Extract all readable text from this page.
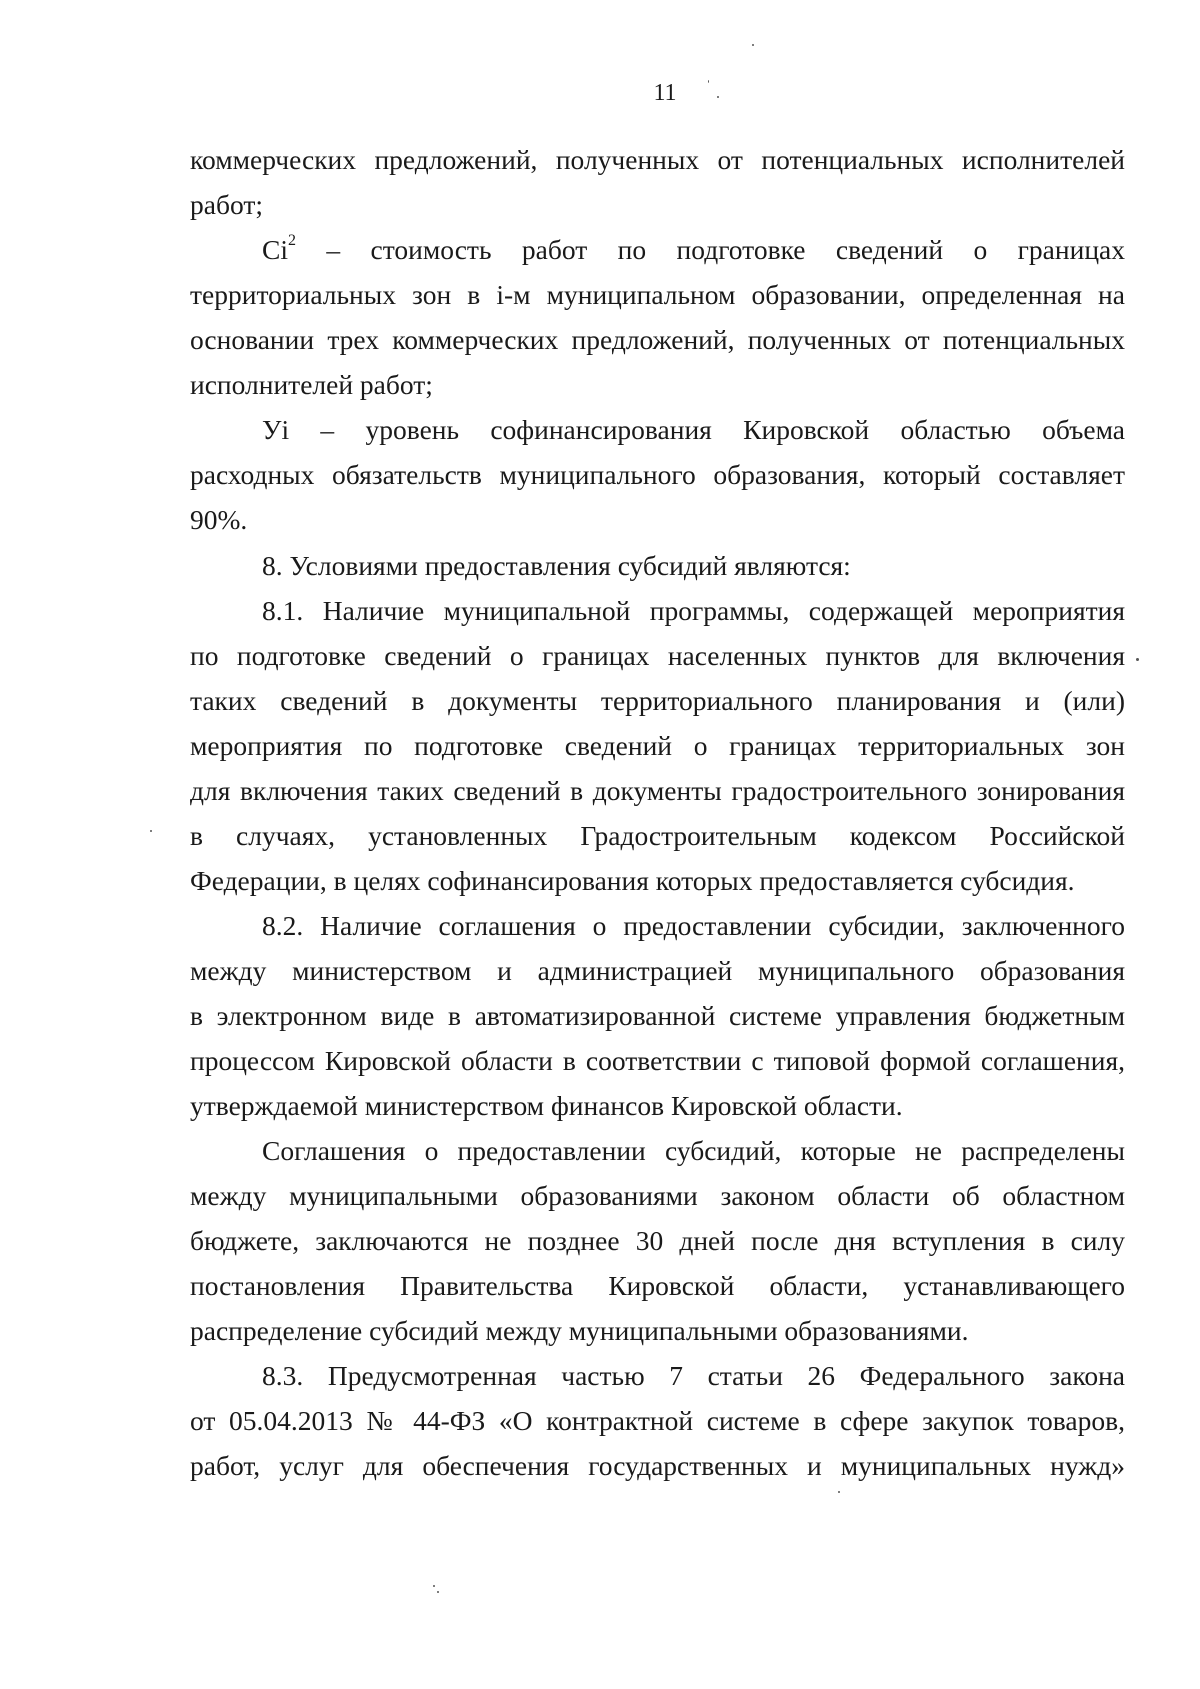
11
коммерческих предложений, полученных от потенциальных исполнителей
работ;
Ci$^2$ – стоимость работ по подготовке сведений о границах
территориальных зон в i-м муниципальном образовании, определенная на
основании трех коммерческих предложений, полученных от потенциальных
исполнителей работ;
Уi – уровень софинансирования Кировской областью объема
расходных обязательств муниципального образования, который составляет
90%.
8. Условиями предоставления субсидий являются:
8.1. Наличие муниципальной программы, содержащей мероприятия
по подготовке сведений о границах населенных пунктов для включения
таких сведений в документы территориального планирования и (или)
мероприятия по подготовке сведений о границах территориальных зон
для включения таких сведений в документы градостроительного зонирования
в случаях, установленных Градостроительным кодексом Российской
Федерации, в целях софинансирования которых предоставляется субсидия.
8.2. Наличие соглашения о предоставлении субсидии, заключенного
между министерством и администрацией муниципального образования
в электронном виде в автоматизированной системе управления бюджетным
процессом Кировской области в соответствии с типовой формой соглашения,
утверждаемой министерством финансов Кировской области.
Соглашения о предоставлении субсидий, которые не распределены
между муниципальными образованиями законом области об областном
бюджете, заключаются не позднее 30 дней после дня вступления в силу
постановления Правительства Кировской области, устанавливающего
распределение субсидий между муниципальными образованиями.
8.3. Предусмотренная частью 7 статьи 26 Федерального закона
от 05.04.2013 № 44-ФЗ «О контрактной системе в сфере закупок товаров,
работ, услуг для обеспечения государственных и муниципальных нужд»
